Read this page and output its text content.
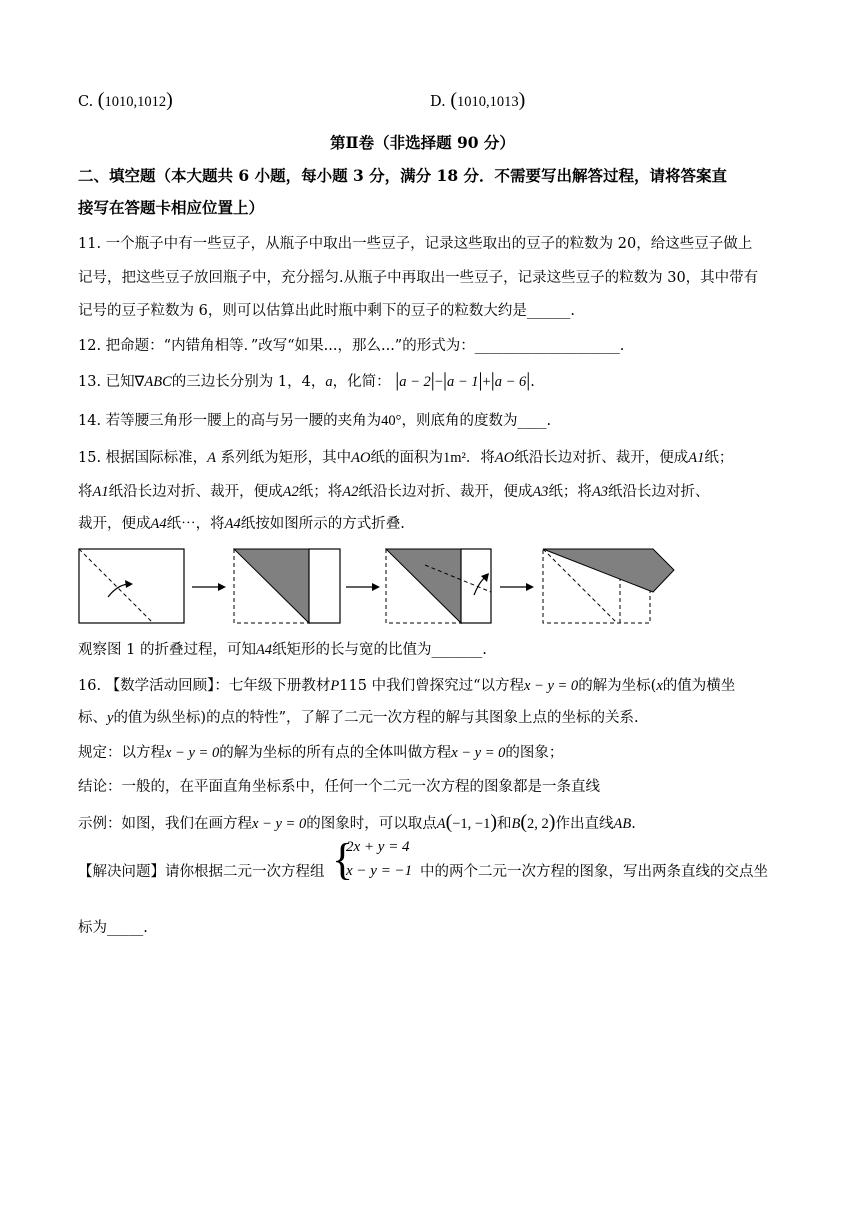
C. (1010,1012)	D. (1010,1013)
第Ⅱ卷（非选择题 90 分）
二、填空题（本大题共 6 小题，每小题 3 分，满分 18 分．不需要写出解答过程，请将答案直
接写在答题卡相应位置上）
11. 一个瓶子中有一些豆子，从瓶子中取出一些豆子，记录这些取出的豆子的粒数为 20，给这些豆子做上
记号，把这些豆子放回瓶子中，充分摇匀.从瓶子中再取出一些豆子，记录这些豆子的粒数为 30，其中带有
记号的豆子粒数为 6，则可以估算出此时瓶中剩下的豆子的粒数大约是______.
12. 把命题：“内错角相等．”改写“如果...，那么...”的形式为：____________________.
13. 已知∇ABC的三边长分别为 1，4，a，化简： |a − 2|−|a − 1|+|a − 6|.
14. 若等腰三角形一腰上的高与另一腰的夹角为40°，则底角的度数为____.
15. 根据国际标准，A 系列纸为矩形，其中AO纸的面积为1m²．将AO纸沿长边对折、裁开，便成A1纸；
将A1纸沿长边对折、裁开，便成A2纸；将A2纸沿长边对折、裁开，便成A3纸；将A3纸沿长边对折、
裁开，便成A4纸⋯，将A4纸按如图所示的方式折叠.
观察图 1 的折叠过程，可知A4纸矩形的长与宽的比值为_______.
16. 【数学活动回顾】：七年级下册教材P115 中我们曾探究过“以方程x − y = 0的解为坐标(x的值为横坐
标、y的值为纵坐标)的点的特性”，了解了二元一次方程的解与其图象上点的坐标的关系.
规定：以方程x − y = 0的解为坐标的所有点的全体叫做方程x − y = 0的图象；
结论：一般的，在平面直角坐标系中，任何一个二元一次方程的图象都是一条直线
示例：如图，我们在画方程x − y = 0的图象时，可以取点A(−1, −1)和B(2, 2)作出直线AB.
【解决问题】请你根据二元一次方程组 {
2x + y = 4
x − y = −1 中的两个二元一次方程的图象，写出两条直线的交点坐
标为_____.
